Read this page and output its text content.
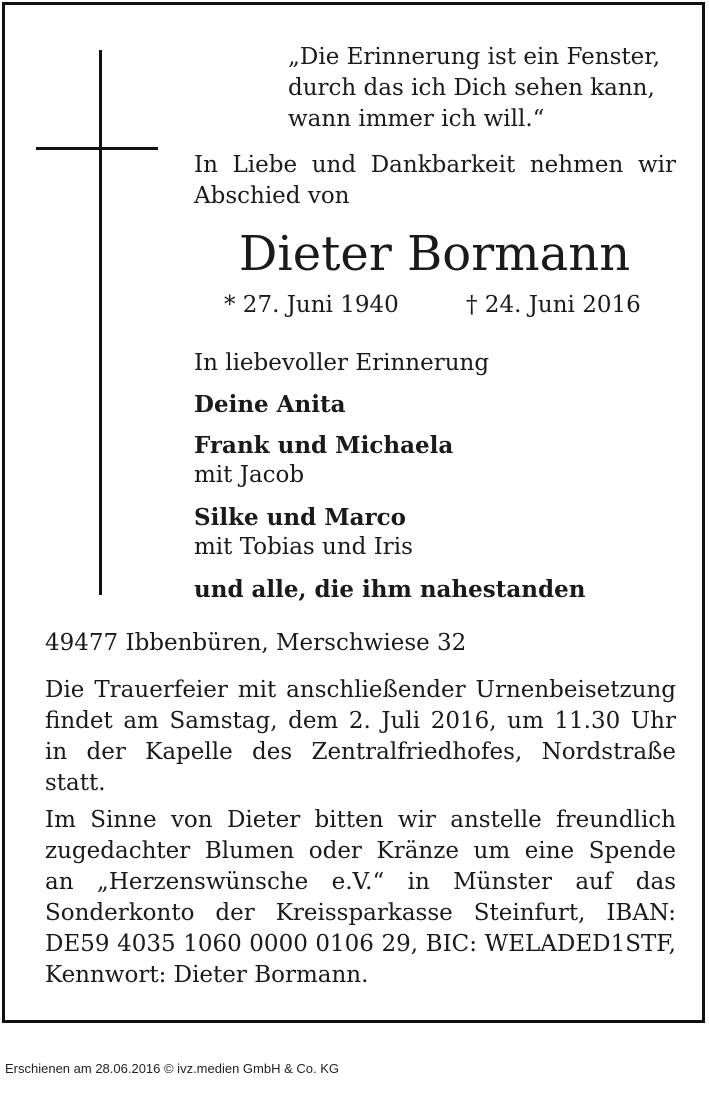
„Die Erinnerung ist ein Fenster,
durch das ich Dich sehen kann,
wann immer ich will.“
In Liebe und Dankbarkeit nehmen wir
Abschied von
Dieter Bormann
* 27. Juni 1940	† 24. Juni 2016
In liebevoller Erinnerung
Deine Anita
Frank und Michaela
mit Jacob
Silke und Marco
mit Tobias und Iris
und alle, die ihm nahestanden
49477 Ibbenbüren, Merschwiese 32
Die Trauerfeier mit anschließender Urnenbeisetzung
findet am Samstag, dem 2. Juli 2016, um 11.30 Uhr
in der Kapelle des Zentralfriedhofes, Nordstraße
statt.
Im Sinne von Dieter bitten wir anstelle freundlich
zugedachter Blumen oder Kränze um eine Spende
an „Herzenswünsche e.V.“ in Münster auf das
Sonderkonto der Kreissparkasse Steinfurt, IBAN:
DE59 4035 1060 0000 0106 29, BIC: WELADED1STF,
Kennwort: Dieter Bormann.
Erschienen am 28.06.2016 © ivz.medien GmbH & Co. KG
